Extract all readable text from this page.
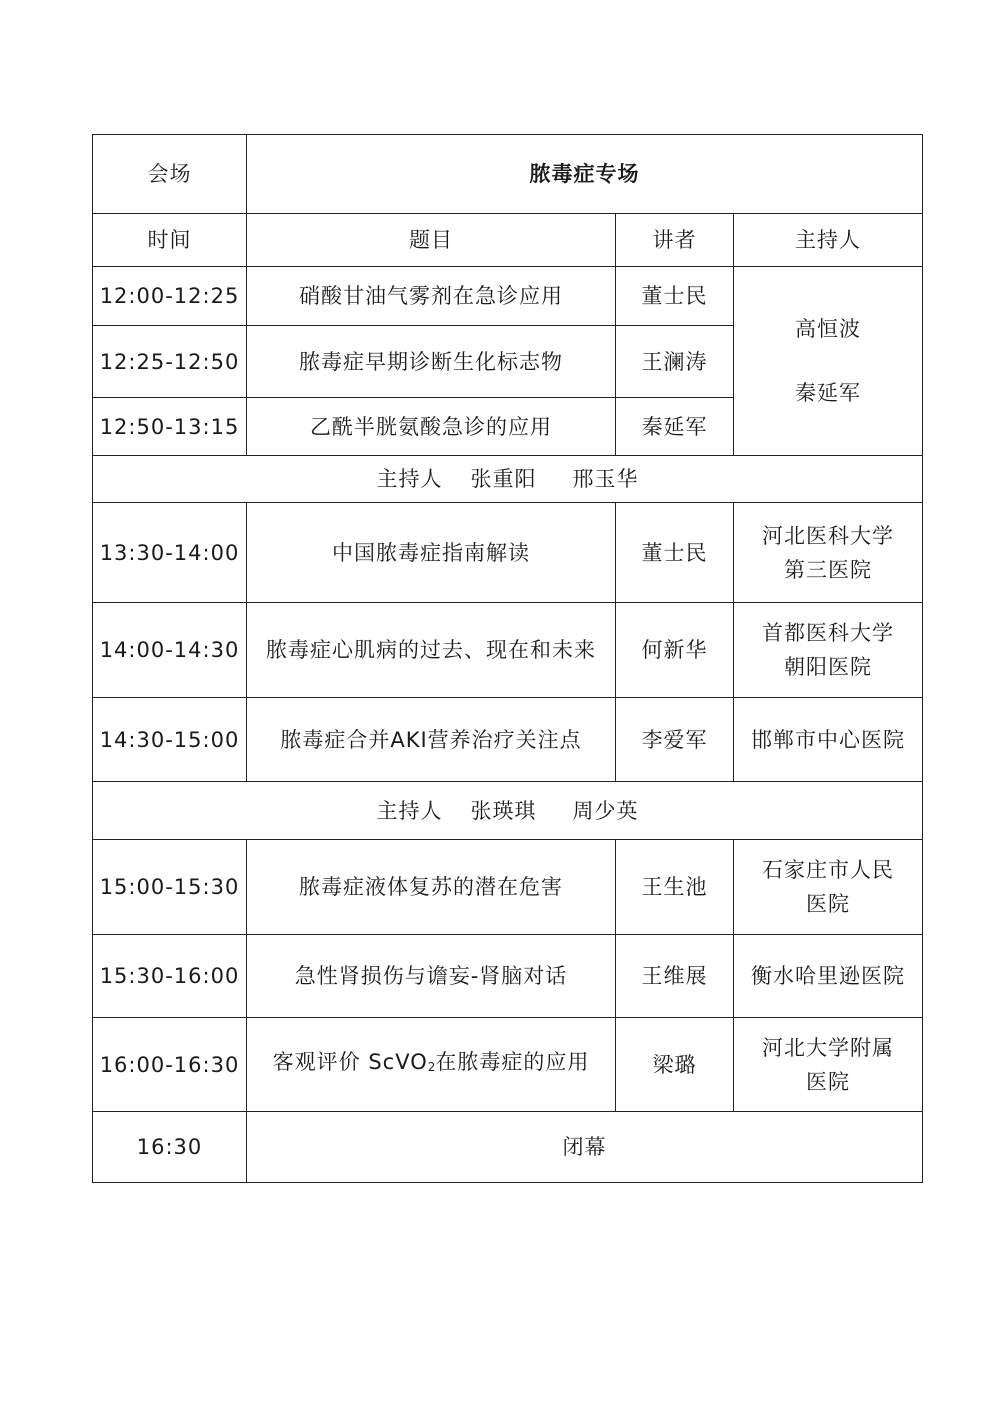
会场	脓毒症专场		
时间	题目	讲者	主持人
12:00-12:25	硝酸甘油气雾剂在急诊应用	董士民	高恒波
秦延军

12:25-12:50	脓毒症早期诊断生化标志物	王澜涛	
12:50-13:15	乙酰半胱氨酸急诊的应用	秦延军	
主持人 张重阳 邢玉华			
13:30-14:00	中国脓毒症指南解读	董士民	河北医科大学
第三医院

14:00-14:30	脓毒症心肌病的过去、现在和未来	何新华	首都医科大学
朝阳医院

14:30-15:00	脓毒症合并AKI营养治疗关注点	李爱军	邯郸市中心医院
主持人 张瑛琪 周少英			
15:00-15:30	脓毒症液体复苏的潜在危害	王生池	石家庄市人民
医院

15:30-16:00	急性肾损伤与谵妄-肾脑对话	王维展	衡水哈里逊医院
16:00-16:30	客观评价 ScVO$_2$在脓毒症的应用	梁璐	河北大学附属
医院

16:30	闭幕		
